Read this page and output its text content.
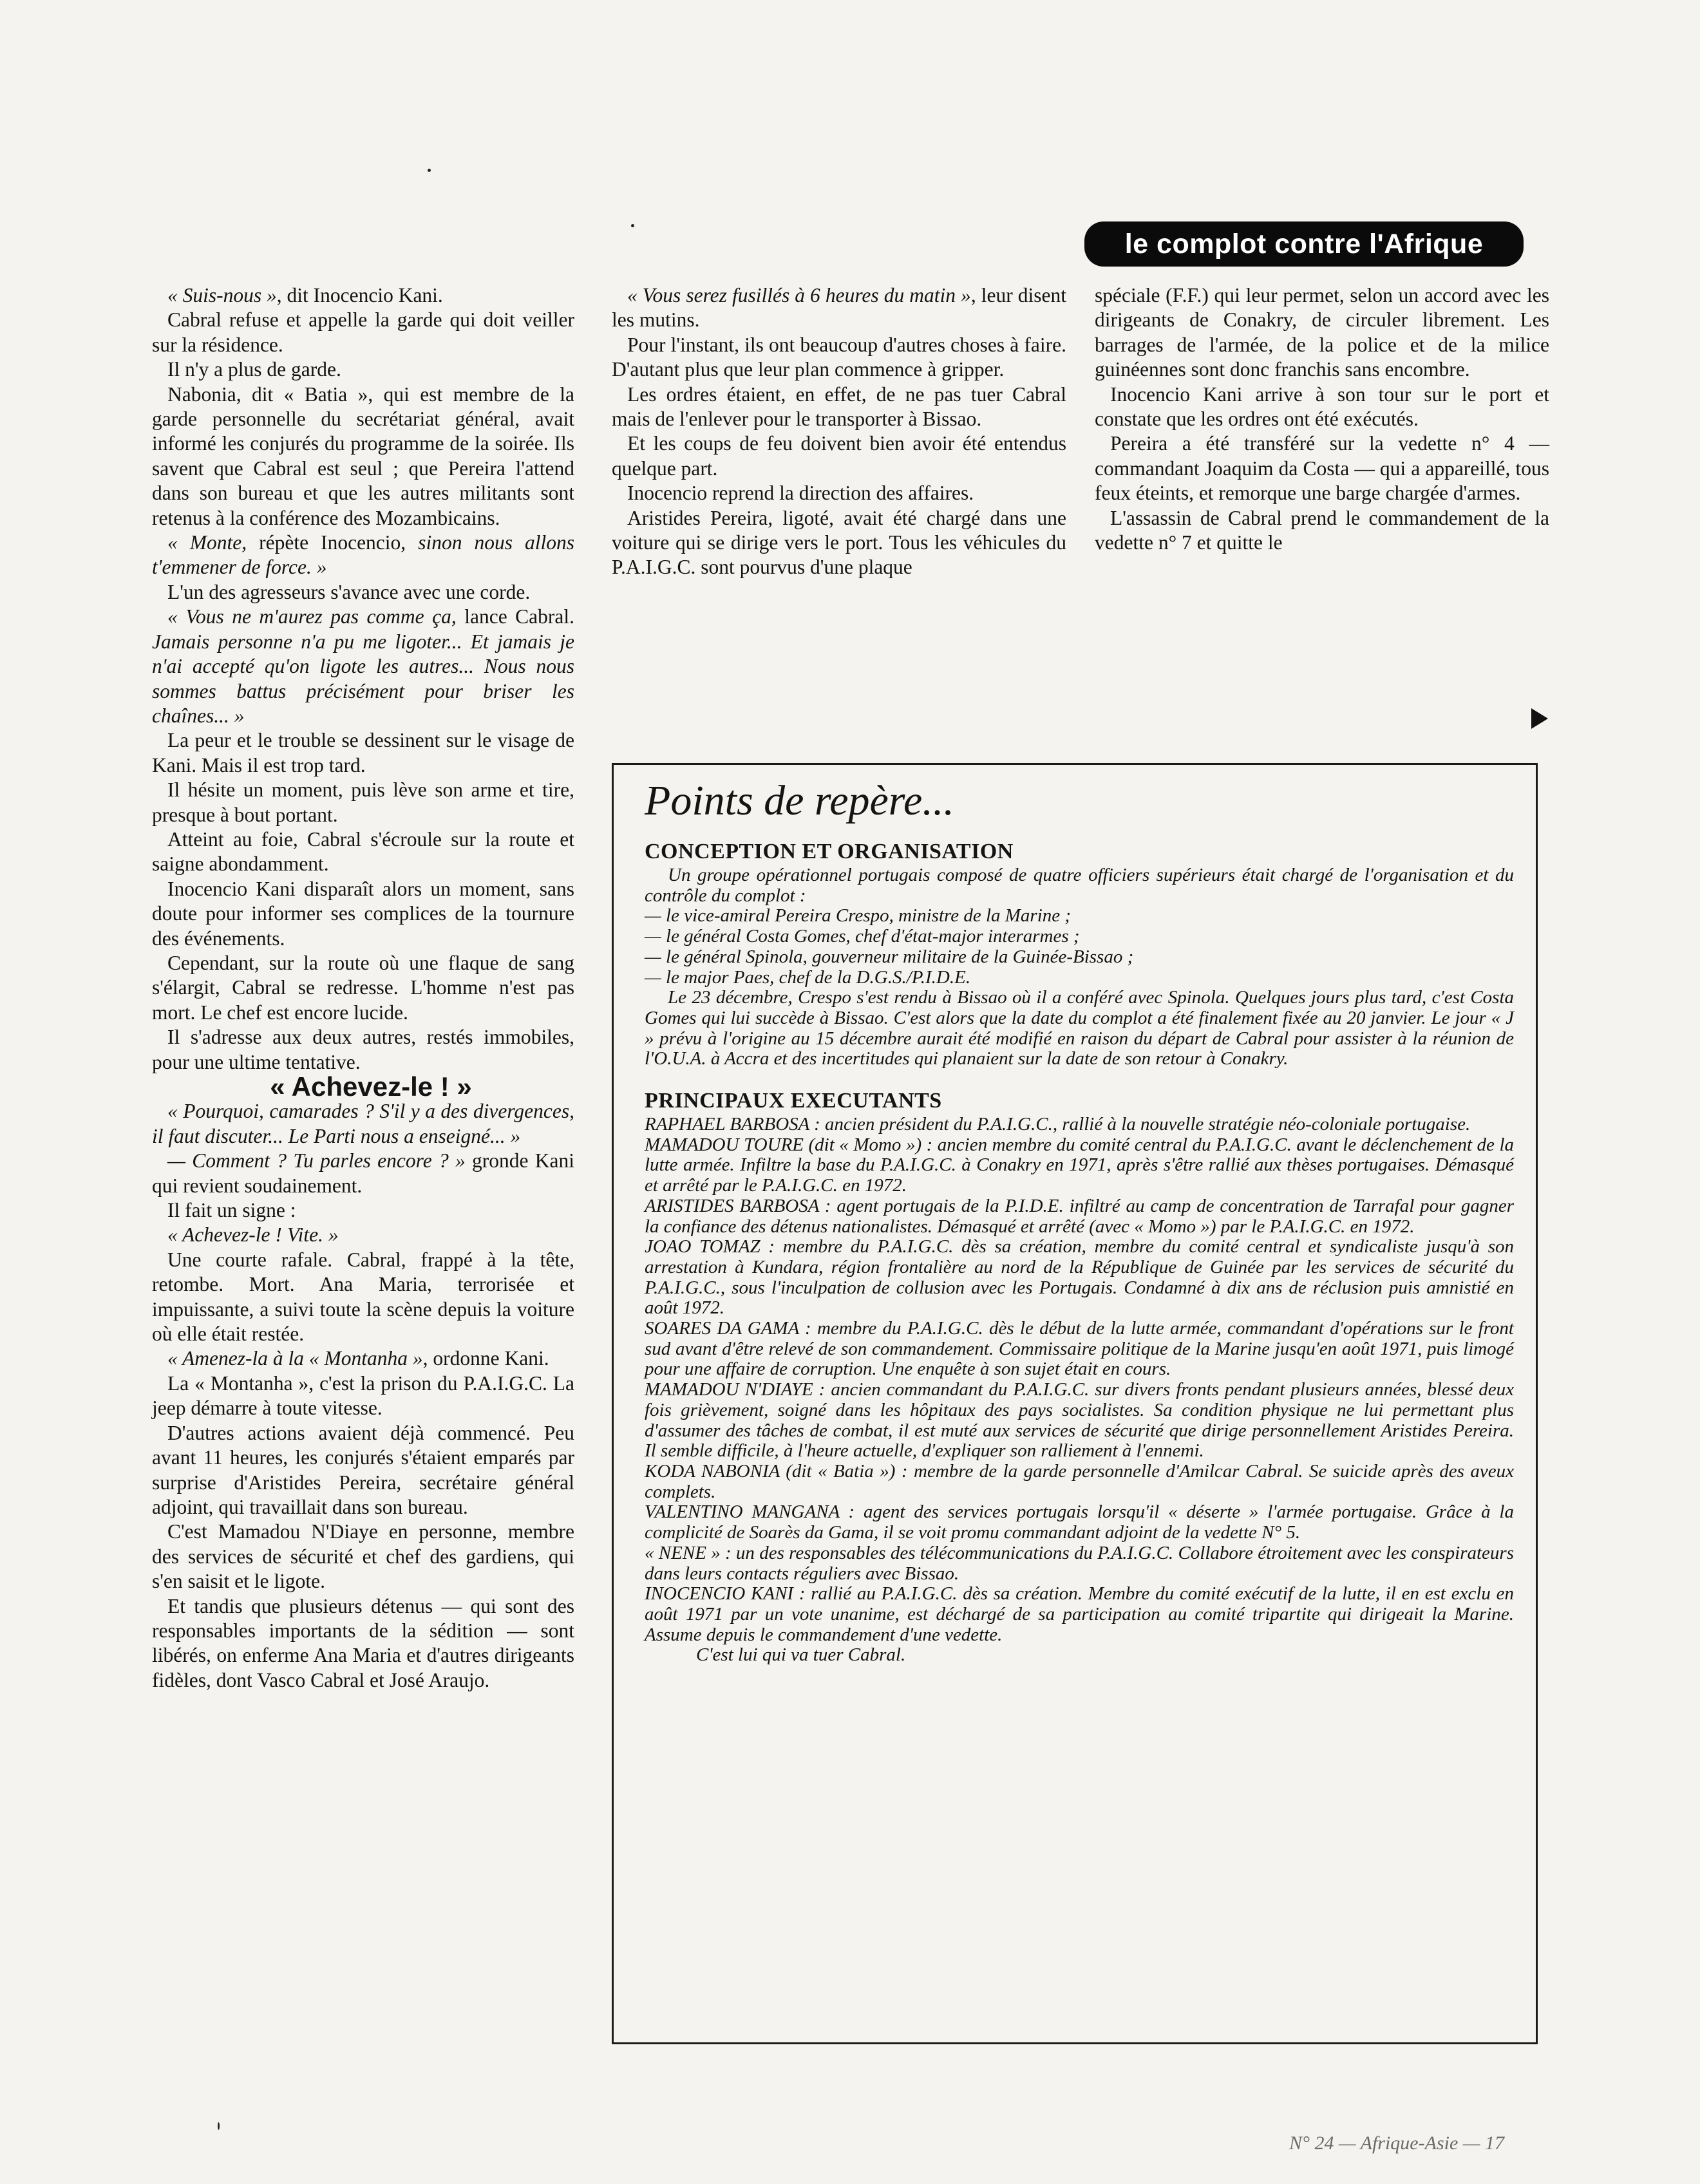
le complot contre l'Afrique

« Suis-nous », dit Inocencio Kani.

Cabral refuse et appelle la garde qui doit veiller sur la résidence.

Il n'y a plus de garde.

Nabonia, dit « Batia », qui est membre de la garde personnelle du secrétariat général, avait informé les conjurés du programme de la soirée. Ils savent que Cabral est seul ; que Pereira l'attend dans son bureau et que les autres militants sont retenus à la conférence des Mozambicains.

« Monte, répète Inocencio, sinon nous allons t'emmener de force. »

L'un des agresseurs s'avance avec une corde.

« Vous ne m'aurez pas comme ça, lance Cabral. Jamais personne n'a pu me ligoter... Et jamais je n'ai accepté qu'on ligote les autres... Nous nous sommes battus précisément pour briser les chaînes... »

La peur et le trouble se dessinent sur le visage de Kani. Mais il est trop tard.

Il hésite un moment, puis lève son arme et tire, presque à bout portant.

Atteint au foie, Cabral s'écroule sur la route et saigne abondamment.

Inocencio Kani disparaît alors un moment, sans doute pour informer ses complices de la tournure des événements.

Cependant, sur la route où une flaque de sang s'élargit, Cabral se redresse. L'homme n'est pas mort. Le chef est encore lucide.

Il s'adresse aux deux autres, restés immobiles, pour une ultime tentative.

« Achevez-le ! »

« Pourquoi, camarades ? S'il y a des divergences, il faut discuter... Le Parti nous a enseigné... »

— Comment ? Tu parles encore ? » gronde Kani qui revient soudainement.

Il fait un signe :

« Achevez-le ! Vite. »

Une courte rafale. Cabral, frappé à la tête, retombe. Mort. Ana Maria, terrorisée et impuissante, a suivi toute la scène depuis la voiture où elle était restée.

« Amenez-la à la « Montanha », ordonne Kani.

La « Montanha », c'est la prison du P.A.I.G.C. La jeep démarre à toute vitesse.

D'autres actions avaient déjà commencé. Peu avant 11 heures, les conjurés s'étaient emparés par surprise d'Aristides Pereira, secrétaire général adjoint, qui travaillait dans son bureau.

C'est Mamadou N'Diaye en personne, membre des services de sécurité et chef des gardiens, qui s'en saisit et le ligote.

Et tandis que plusieurs détenus — qui sont des responsables importants de la sédition — sont libérés, on enferme Ana Maria et d'autres dirigeants fidèles, dont Vasco Cabral et José Araujo.

« Vous serez fusillés à 6 heures du matin », leur disent les mutins.

Pour l'instant, ils ont beaucoup d'autres choses à faire. D'autant plus que leur plan commence à gripper.

Les ordres étaient, en effet, de ne pas tuer Cabral mais de l'enlever pour le transporter à Bissao.

Et les coups de feu doivent bien avoir été entendus quelque part.

Inocencio reprend la direction des affaires.

Aristides Pereira, ligoté, avait été chargé dans une voiture qui se dirige vers le port. Tous les véhicules du P.A.I.G.C. sont pourvus d'une plaque

spéciale (F.F.) qui leur permet, selon un accord avec les dirigeants de Conakry, de circuler librement. Les barrages de l'armée, de la police et de la milice guinéennes sont donc franchis sans encombre.

Inocencio Kani arrive à son tour sur le port et constate que les ordres ont été exécutés.

Pereira a été transféré sur la vedette n° 4 — commandant Joaquim da Costa — qui a appareillé, tous feux éteints, et remorque une barge chargée d'armes.

L'assassin de Cabral prend le commandement de la vedette n° 7 et quitte le

Points de repère...

CONCEPTION ET ORGANISATION

Un groupe opérationnel portugais composé de quatre officiers supérieurs était chargé de l'organisation et du contrôle du complot :

— le vice-amiral Pereira Crespo, ministre de la Marine ;

— le général Costa Gomes, chef d'état-major interarmes ;

— le général Spinola, gouverneur militaire de la Guinée-Bissao ;

— le major Paes, chef de la D.G.S./P.I.D.E.

Le 23 décembre, Crespo s'est rendu à Bissao où il a conféré avec Spinola. Quelques jours plus tard, c'est Costa Gomes qui lui succède à Bissao. C'est alors que la date du complot a été finalement fixée au 20 janvier. Le jour « J » prévu à l'origine au 15 décembre aurait été modifié en raison du départ de Cabral pour assister à la réunion de l'O.U.A. à Accra et des incertitudes qui planaient sur la date de son retour à Conakry.

PRINCIPAUX EXECUTANTS

RAPHAEL BARBOSA : ancien président du P.A.I.G.C., rallié à la nouvelle stratégie néo-coloniale portugaise.

MAMADOU TOURE (dit « Momo ») : ancien membre du comité central du P.A.I.G.C. avant le déclenchement de la lutte armée. Infiltre la base du P.A.I.G.C. à Conakry en 1971, après s'être rallié aux thèses portugaises. Démasqué et arrêté par le P.A.I.G.C. en 1972.

ARISTIDES BARBOSA : agent portugais de la P.I.D.E. infiltré au camp de concentration de Tarrafal pour gagner la confiance des détenus nationalistes. Démasqué et arrêté (avec « Momo ») par le P.A.I.G.C. en 1972.

JOAO TOMAZ : membre du P.A.I.G.C. dès sa création, membre du comité central et syndicaliste jusqu'à son arrestation à Kundara, région frontalière au nord de la République de Guinée par les services de sécurité du P.A.I.G.C., sous l'inculpation de collusion avec les Portugais. Condamné à dix ans de réclusion puis amnistié en août 1972.

SOARES DA GAMA : membre du P.A.I.G.C. dès le début de la lutte armée, commandant d'opérations sur le front sud avant d'être relevé de son commandement. Commissaire politique de la Marine jusqu'en août 1971, puis limogé pour une affaire de corruption. Une enquête à son sujet était en cours.

MAMADOU N'DIAYE : ancien commandant du P.A.I.G.C. sur divers fronts pendant plusieurs années, blessé deux fois grièvement, soigné dans les hôpitaux des pays socialistes. Sa condition physique ne lui permettant plus d'assumer des tâches de combat, il est muté aux services de sécurité que dirige personnellement Aristides Pereira. Il semble difficile, à l'heure actuelle, d'expliquer son ralliement à l'ennemi.

KODA NABONIA (dit « Batia ») : membre de la garde personnelle d'Amilcar Cabral. Se suicide après des aveux complets.

VALENTINO MANGANA : agent des services portugais lorsqu'il « déserte » l'armée portugaise. Grâce à la complicité de Soarès da Gama, il se voit promu commandant adjoint de la vedette N° 5.

« NENE » : un des responsables des télécommunications du P.A.I.G.C. Collabore étroitement avec les conspirateurs dans leurs contacts réguliers avec Bissao.

INOCENCIO KANI : rallié au P.A.I.G.C. dès sa création. Membre du comité exécutif de la lutte, il en est exclu en août 1971 par un vote unanime, est déchargé de sa participation au comité tripartite qui dirigeait la Marine. Assume depuis le commandement d'une vedette.

C'est lui qui va tuer Cabral.

N° 24 — Afrique-Asie — 17
